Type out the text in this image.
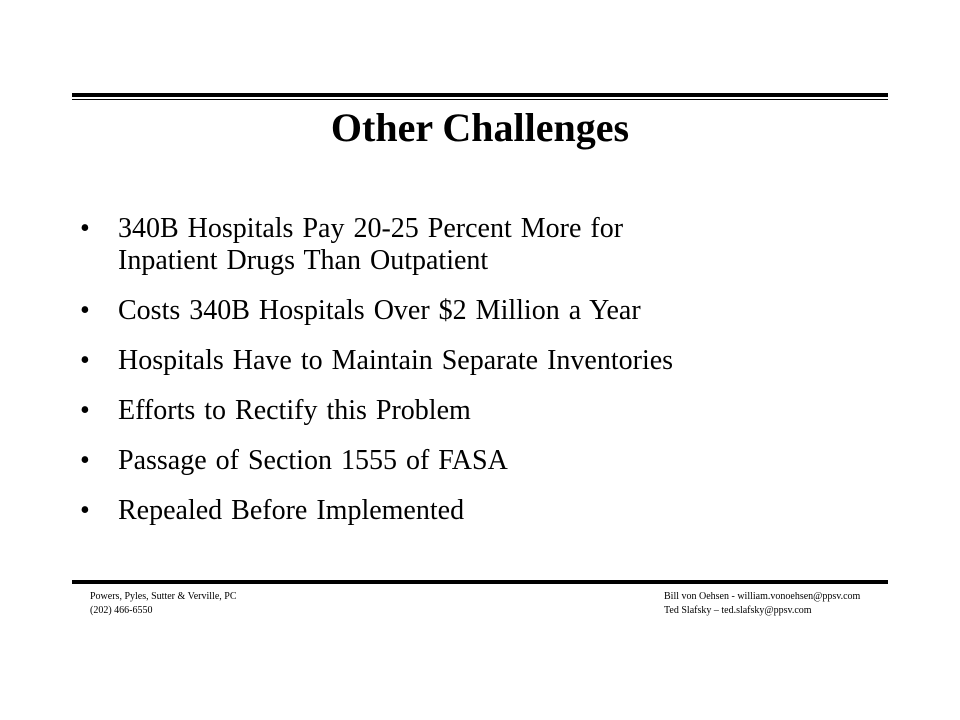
Other Challenges
• 340B Hospitals Pay 20-25 Percent More for
Inpatient Drugs Than Outpatient
• Costs 340B Hospitals Over $2 Million a Year
• Hospitals Have to Maintain Separate Inventories
• Efforts to Rectify this Problem
• Passage of Section 1555 of FASA
• Repealed Before Implemented
Powers, Pyles, Sutter & Verville, PC
(202) 466-6550
Bill von Oehsen - william.vonoehsen@ppsv.com
Ted Slafsky – ted.slafsky@ppsv.com
